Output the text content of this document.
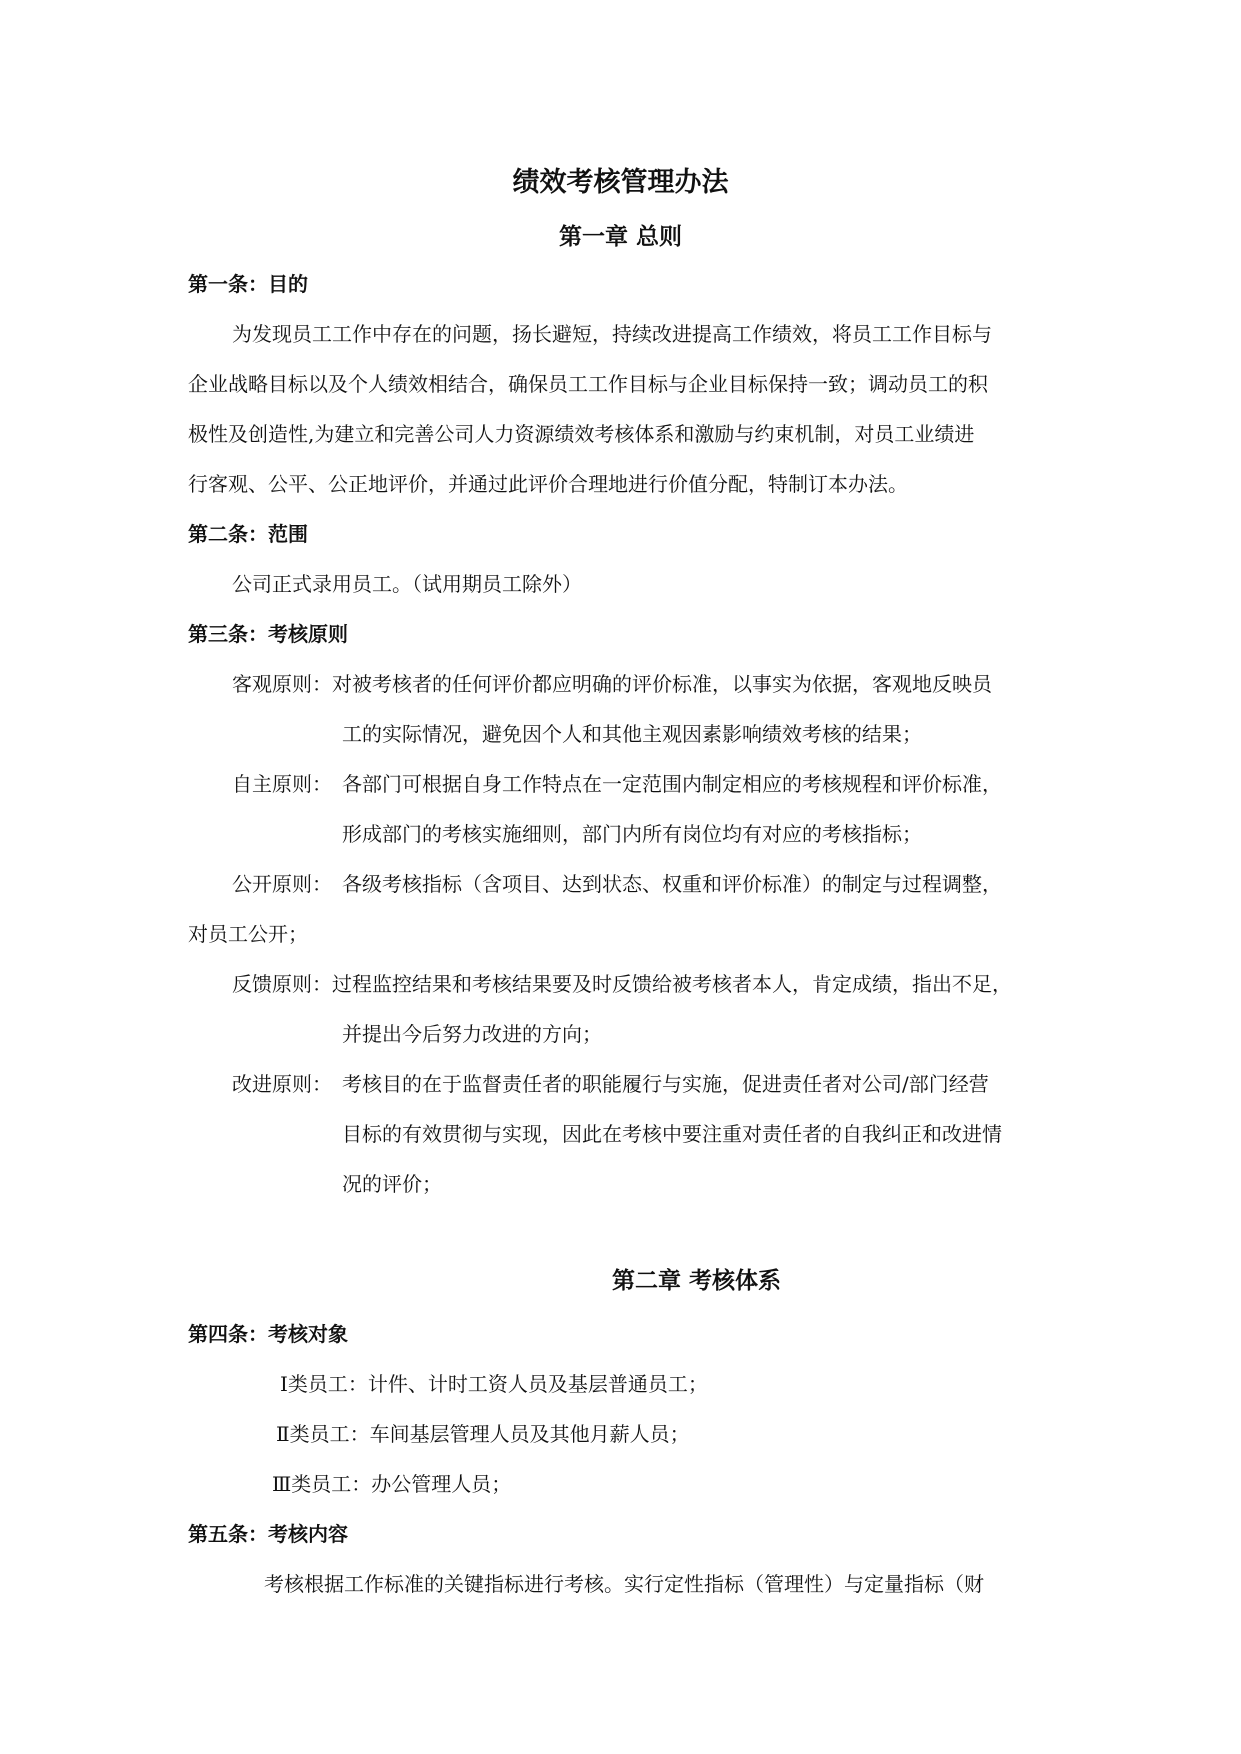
绩效考核管理办法
第一章 总则
第一条：目的
为发现员工工作中存在的问题，扬长避短，持续改进提高工作绩效，将员工工作目标与
企业战略目标以及个人绩效相结合，确保员工工作目标与企业目标保持一致；调动员工的积
极性及创造性,为建立和完善公司人力资源绩效考核体系和激励与约束机制，对员工业绩进
行客观、公平、公正地评价，并通过此评价合理地进行价值分配，特制订本办法。
第二条：范围
公司正式录用员工。（试用期员工除外）
第三条：考核原则
客观原则： 对被考核者的任何评价都应明确的评价标准，以事实为依据，客观地反映员
工的实际情况，避免因个人和其他主观因素影响绩效考核的结果；
自主原则： 各部门可根据自身工作特点在一定范围内制定相应的考核规程和评价标准，
形成部门的考核实施细则，部门内所有岗位均有对应的考核指标；
公开原则： 各级考核指标（含项目、达到状态、权重和评价标准）的制定与过程调整，
对员工公开；
反馈原则： 过程监控结果和考核结果要及时反馈给被考核者本人，肯定成绩，指出不足，
并提出今后努力改进的方向；
改进原则： 考核目的在于监督责任者的职能履行与实施，促进责任者对公司/部门经营
目标的有效贯彻与实现，因此在考核中要注重对责任者的自我纠正和改进情
况的评价；
第二章 考核体系
第四条：考核对象
Ⅰ类员工：计件、计时工资人员及基层普通员工；
Ⅱ类员工：车间基层管理人员及其他月薪人员；
Ⅲ类员工：办公管理人员；
第五条：考核内容
考核根据工作标准的关键指标进行考核。实行定性指标（管理性）与定量指标（财
